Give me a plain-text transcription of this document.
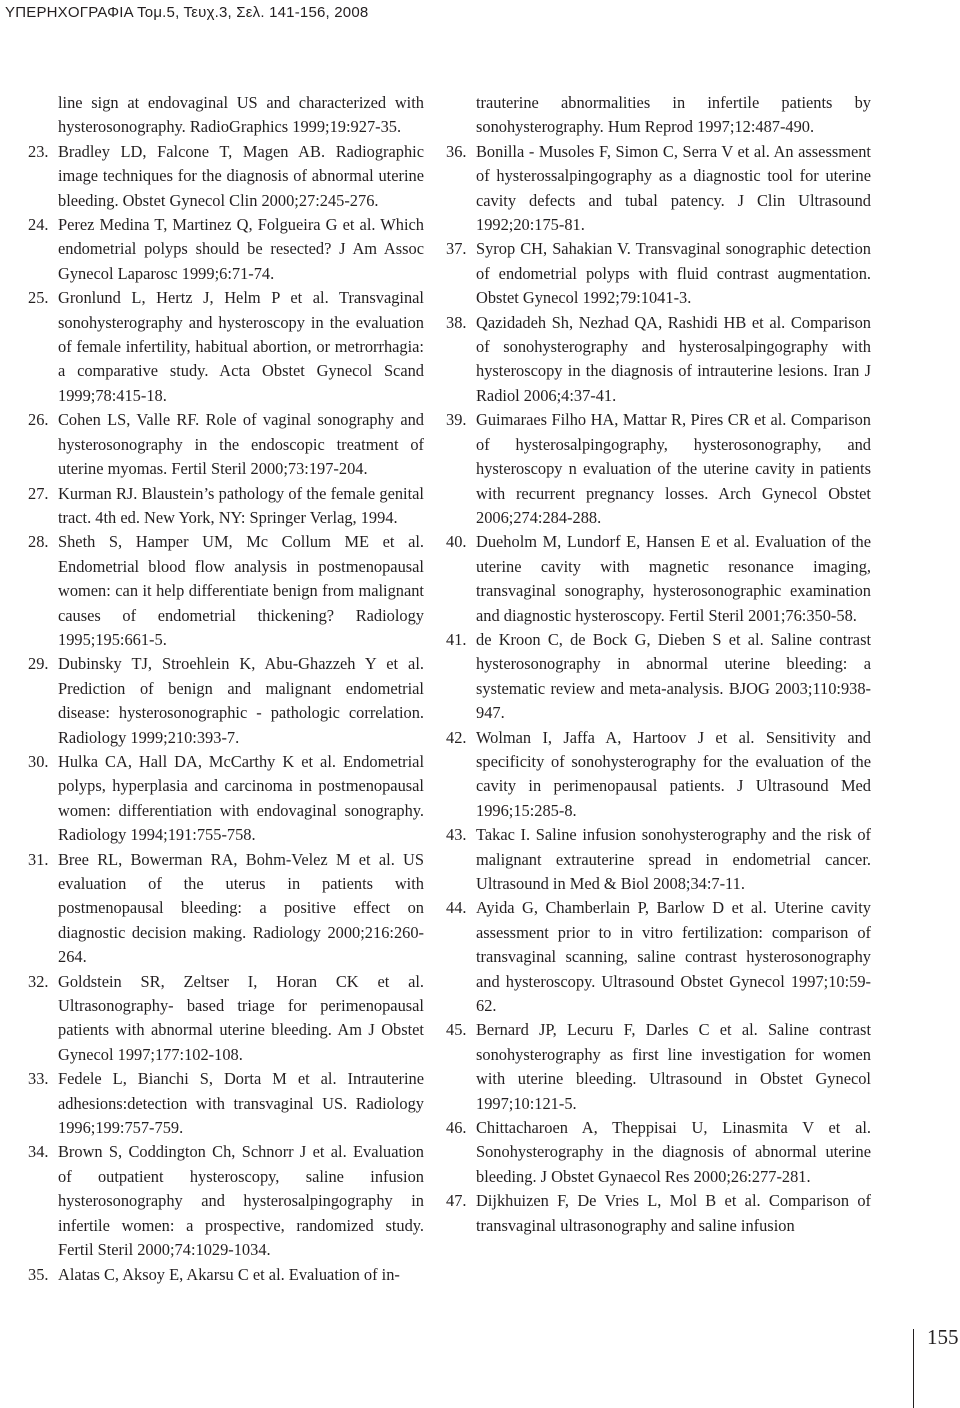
ΥΠΕΡΗΧΟΓΡΑΦΙΑ Τομ.5, Τευχ.3, Σελ. 141-156, 2008
line sign at endovaginal US and characterized with hysterosonography. RadioGraphics 1999;19:927-35.
23. Bradley LD, Falcone T, Magen AB. Radiographic image techniques for the diagnosis of abnormal uterine bleeding. Obstet Gynecol Clin 2000;27:245-276.
24. Perez Medina T, Martinez Q, Folgueira G et al. Which endometrial polyps should be resected? J Am Assoc Gynecol Laparosc 1999;6:71-74.
25. Gronlund L, Hertz J, Helm P et al. Transvaginal sonohysterography and hysteroscopy in the evaluation of female infertility, habitual abortion, or metrorrhagia: a comparative study. Acta Obstet Gynecol Scand 1999;78:415-18.
26. Cohen LS, Valle RF. Role of vaginal sonography and hysterosonography in the endoscopic treatment of uterine myomas. Fertil Steril 2000;73:197-204.
27. Kurman RJ. Blaustein’s pathology of the female genital tract. 4th ed. New York, NY: Springer Verlag, 1994.
28. Sheth S, Hamper UM, Mc Collum ME et al. Endometrial blood flow analysis in postmenopausal women: can it help differentiate benign from malignant causes of endometrial thickening? Radiology 1995;195:661-5.
29. Dubinsky TJ, Stroehlein K, Abu-Ghazzeh Y et al. Prediction of benign and malignant endometrial disease: hysterosonographic - pathologic correlation. Radiology 1999;210:393-7.
30. Hulka CA, Hall DA, McCarthy K et al. Endometrial polyps, hyperplasia and carcinoma in postmenopausal women: differentiation with endovaginal sonography. Radiology 1994;191:755-758.
31. Bree RL, Bowerman RA, Bohm-Velez M et al. US evaluation of the uterus in patients with postmenopausal bleeding: a positive effect on diagnostic decision making. Radiology 2000;216:260-264.
32. Goldstein SR, Zeltser I, Horan CK et al. Ultrasonography- based triage for perimenopausal patients with abnormal uterine bleeding. Am J Obstet Gynecol 1997;177:102-108.
33. Fedele L, Bianchi S, Dorta M et al. Intrauterine adhesions:detection with transvaginal US. Radiology 1996;199:757-759.
34. Brown S, Coddington Ch, Schnorr J et al. Evaluation of outpatient hysteroscopy, saline infusion hysterosonography and hysterosalpingography in infertile women: a prospective, randomized study. Fertil Steril 2000;74:1029-1034.
35. Alatas C, Aksoy E, Akarsu C et al. Evaluation of in-
trauterine abnormalities in infertile patients by sonohysterography. Hum Reprod 1997;12:487-490.
36. Bonilla - Musoles F, Simon C, Serra V et al. An assessment of hysterossalpingography as a diagnostic tool for uterine cavity defects and tubal patency. J Clin Ultrasound 1992;20:175-81.
37. Syrop CH, Sahakian V. Transvaginal sonographic detection of endometrial polyps with fluid contrast augmentation. Obstet Gynecol 1992;79:1041-3.
38. Qazidadeh Sh, Nezhad QA, Rashidi HB et al. Comparison of sonohysterography and hysterosalpingography with hysteroscopy in the diagnosis of intrauterine lesions. Iran J Radiol 2006;4:37-41.
39. Guimaraes Filho HA, Mattar R, Pires CR et al. Comparison of hysterosalpingography, hysterosonography, and hysteroscopy n evaluation of the uterine cavity in patients with recurrent pregnancy losses. Arch Gynecol Obstet 2006;274:284-288.
40. Dueholm M, Lundorf E, Hansen E et al. Evaluation of the uterine cavity with magnetic resonance imaging, transvaginal sonography, hysterosonographic examination and diagnostic hysteroscopy. Fertil Steril 2001;76:350-58.
41. de Kroon C, de Bock G, Dieben S et al. Saline contrast hysterosonography in abnormal uterine bleeding: a systematic review and meta-analysis. BJOG 2003;110:938-947.
42. Wolman I, Jaffa A, Hartoov J et al. Sensitivity and specificity of sonohysterography for the evaluation of the cavity in perimenopausal patients. J Ultrasound Med 1996;15:285-8.
43. Takac I. Saline infusion sonohysterography and the risk of malignant extrauterine spread in endometrial cancer. Ultrasound in Med & Biol 2008;34:7-11.
44. Ayida G, Chamberlain P, Barlow D et al. Uterine cavity assessment prior to in vitro fertilization: comparison of transvaginal scanning, saline contrast hysterosonography and hysteroscopy. Ultrasound Obstet Gynecol 1997;10:59-62.
45. Bernard JP, Lecuru F, Darles C et al. Saline contrast sonohysterography as first line investigation for women with uterine bleeding. Ultrasound in Obstet Gynecol 1997;10:121-5.
46. Chittacharoen A, Theppisai U, Linasmita V et al. Sonohysterography in the diagnosis of abnormal uterine bleeding. J Obstet Gynaecol Res 2000;26:277-281.
47. Dijkhuizen F, De Vries L, Mol B et al. Comparison of transvaginal ultrasonography and saline infusion
155
